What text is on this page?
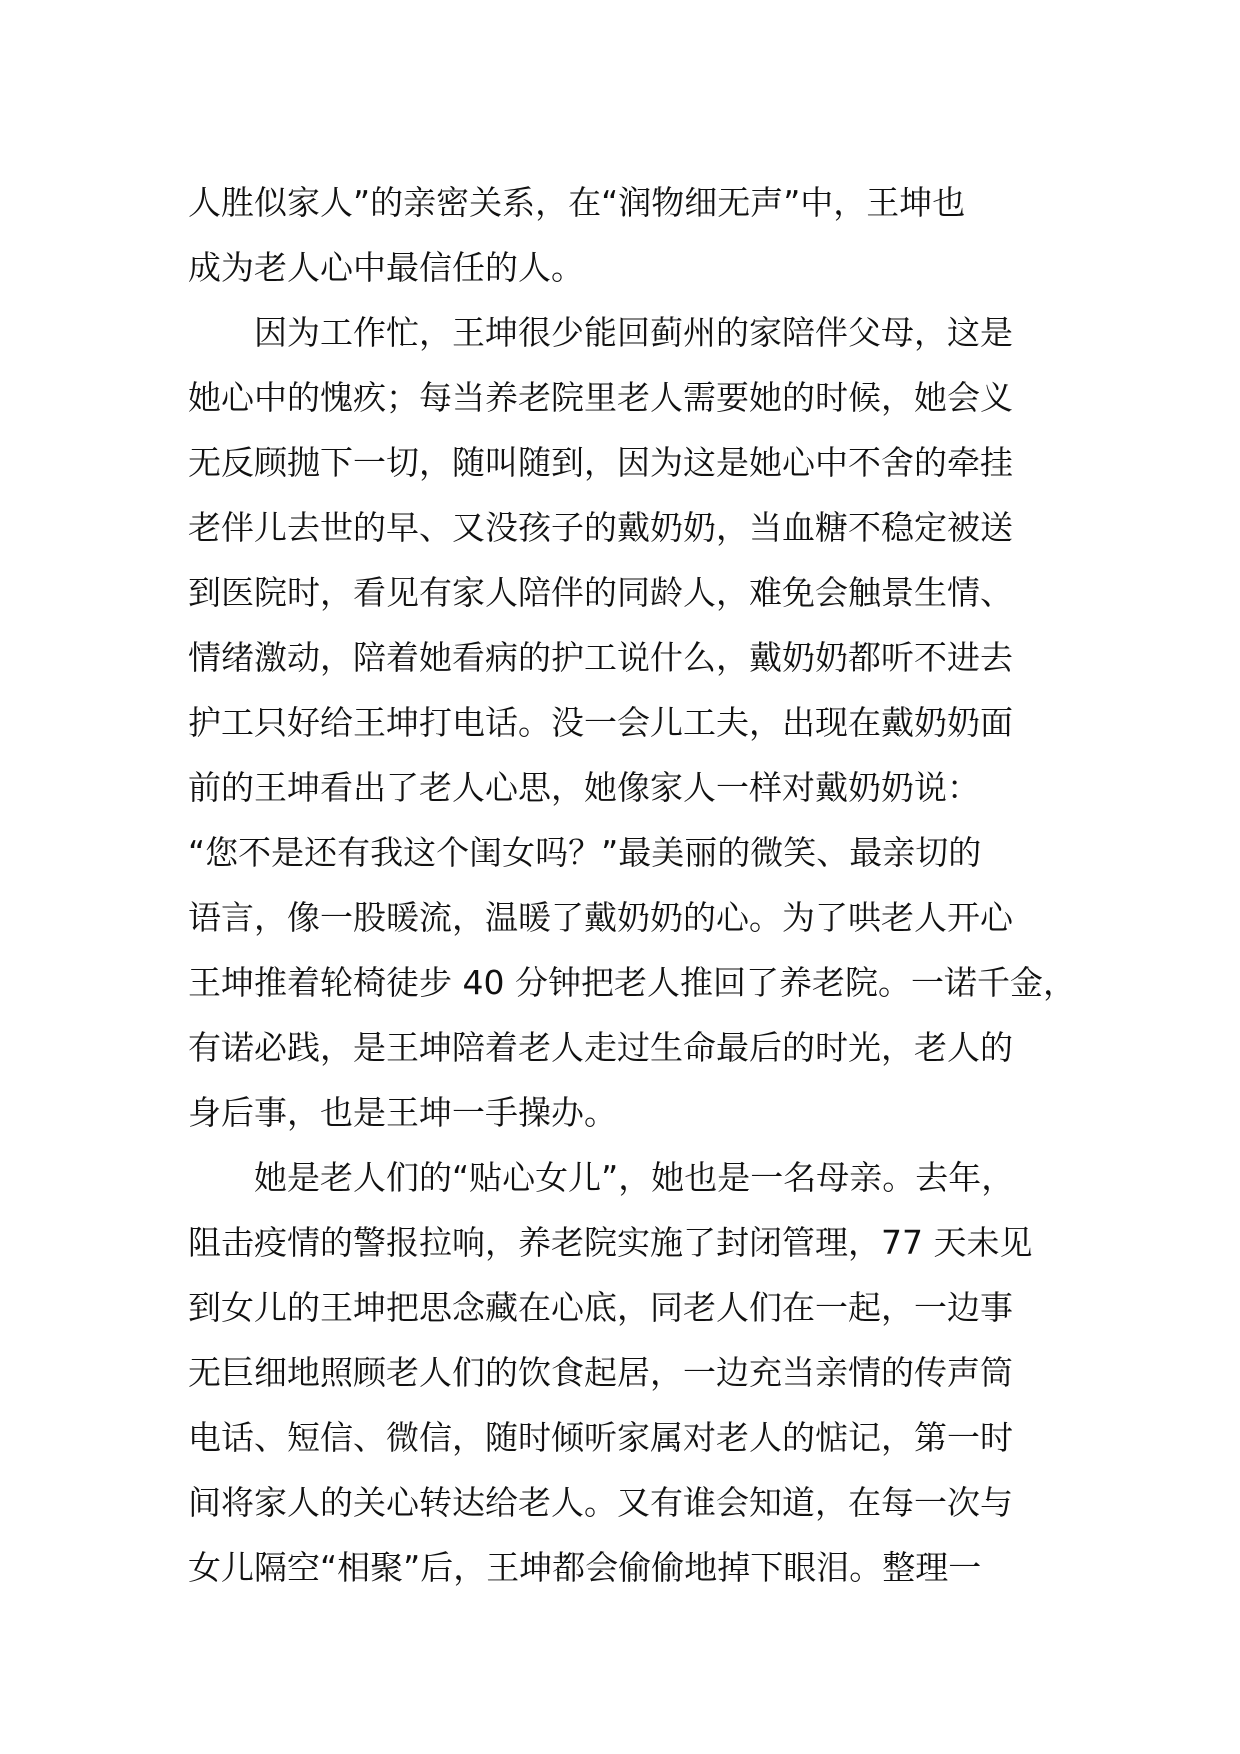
人胜似家人”的亲密关系，在“润物细无声”中，王坤也
成为老人心中最信任的人。
因为工作忙，王坤很少能回蓟州的家陪伴父母，这是
她心中的愧疚；每当养老院里老人需要她的时候，她会义
无反顾抛下一切，随叫随到，因为这是她心中不舍的牵挂
老伴儿去世的早、又没孩子的戴奶奶，当血糖不稳定被送
到医院时，看见有家人陪伴的同龄人，难免会触景生情、
情绪激动，陪着她看病的护工说什么，戴奶奶都听不进去
护工只好给王坤打电话。没一会儿工夫，出现在戴奶奶面
前的王坤看出了老人心思，她像家人一样对戴奶奶说：
“您不是还有我这个闺女吗？”最美丽的微笑、最亲切的
语言，像一股暖流，温暖了戴奶奶的心。为了哄老人开心
王坤推着轮椅徒步 40 分钟把老人推回了养老院。一诺千金，
有诺必践，是王坤陪着老人走过生命最后的时光，老人的
身后事，也是王坤一手操办。
她是老人们的“贴心女儿”，她也是一名母亲。去年，
阻击疫情的警报拉响，养老院实施了封闭管理，77 天未见
到女儿的王坤把思念藏在心底，同老人们在一起，一边事
无巨细地照顾老人们的饮食起居，一边充当亲情的传声筒
电话、短信、微信，随时倾听家属对老人的惦记，第一时
间将家人的关心转达给老人。又有谁会知道，在每一次与
女儿隔空“相聚”后，王坤都会偷偷地掉下眼泪。整理一
